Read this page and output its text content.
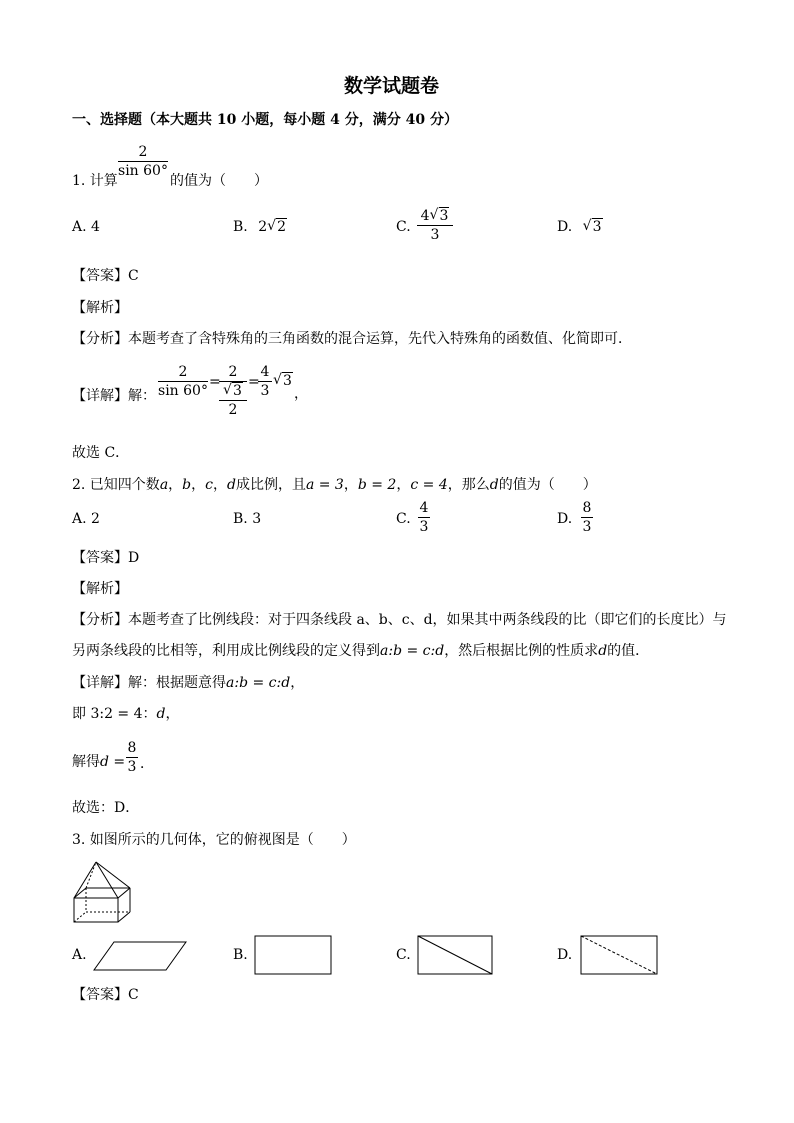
数学试题卷
一、选择题（本大题共 10 小题，每小题 4 分，满分 40 分）
1. 计算
2
sin 60°
的值为（　　）
A. 4	B. 2 √ 2	C.
4 √ 3
3	D. √ 3
【答案】C
【解析】
【分析】本题考查了含特殊角的三角函数的混合运算，先代入特殊角的函数值、化简即可．
【详解】解：
2
sin 60°
=
2
√ 3
2
=
4
3
√ 3
，
故选 C．
2. 已知四个数a，b，c，d成比例，且a = 3，b = 2，c = 4，那么d的值为（　　）
A. 2	B. 3	C.
4
3	D.
8
3
【答案】D
【解析】
【分析】本题考查了比例线段：对于四条线段 a、b、c、d，如果其中两条线段的比（即它们的长度比）与
另两条线段的比相等，利用成比例线段的定义得到a:b = c:d，然后根据比例的性质求d的值．
【详解】解：根据题意得a:b = c:d，
即 3:2 = 4：d，
解得d =
8
3 ．
故选：D．
3. 如图所示的几何体，它的俯视图是（　　）
A.	B.	C.	D.
【答案】C
